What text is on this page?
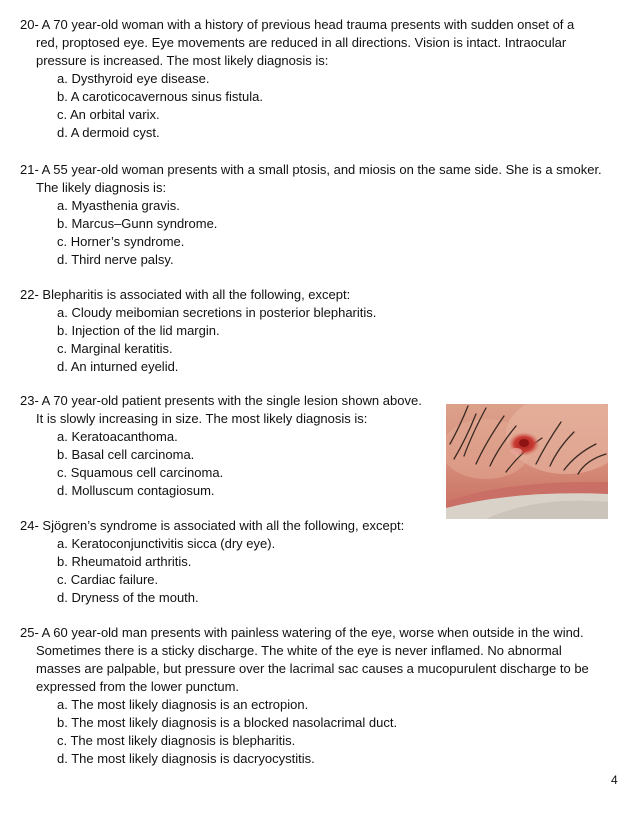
20- A 70 year-old woman with a history of previous head trauma presents with sudden onset of a
red, proptosed eye. Eye movements are reduced in all directions. Vision is intact. Intraocular
pressure is increased. The most likely diagnosis is:

a. Dysthyroid eye disease.
b. A caroticocavernous sinus fistula.
c. An orbital varix.
d. A dermoid cyst.

21- A 55 year-old woman presents with a small ptosis, and miosis on the same side. She is a smoker.
The likely diagnosis is:

a. Myasthenia gravis.
b. Marcus–Gunn syndrome.
c. Horner’s syndrome.
d. Third nerve palsy.

22- Blepharitis is associated with all the following, except:

a. Cloudy meibomian secretions in posterior blepharitis.
b. Injection of the lid margin.
c. Marginal keratitis.
d. An inturned eyelid.

23- A 70 year-old patient presents with the single lesion shown above.
It is slowly increasing in size. The most likely diagnosis is:

a. Keratoacanthoma.
b. Basal cell carcinoma.
c. Squamous cell carcinoma.
d. Molluscum contagiosum.

24- Sjögren’s syndrome is associated with all the following, except:

a. Keratoconjunctivitis sicca (dry eye).
b. Rheumatoid arthritis.
c. Cardiac failure.
d. Dryness of the mouth.

25- A 60 year-old man presents with painless watering of the eye, worse when outside in the wind.
Sometimes there is a sticky discharge. The white of the eye is never inflamed. No abnormal
masses are palpable, but pressure over the lacrimal sac causes a mucopurulent discharge to be
expressed from the lower punctum.

a. The most likely diagnosis is an ectropion.
b. The most likely diagnosis is a blocked nasolacrimal duct.
c. The most likely diagnosis is blepharitis.
d. The most likely diagnosis is dacryocystitis.
4
